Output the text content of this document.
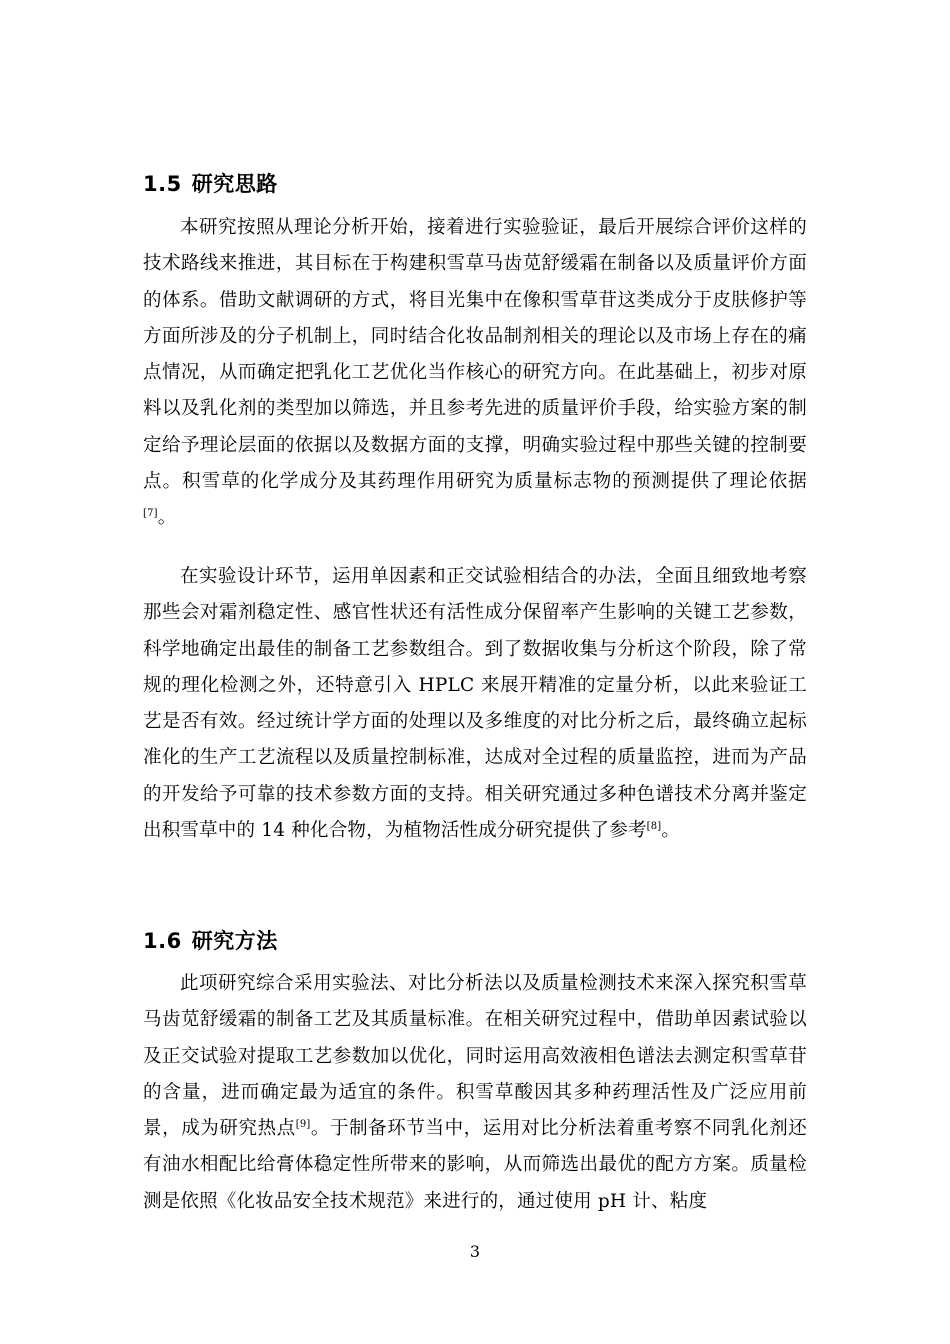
1.5 研究思路

本研究按照从理论分析开始，接着进行实验验证，最后开展综合评价这样的技术路线来推进，其目标在于构建积雪草马齿苋舒缓霜在制备以及质量评价方面的体系。借助文献调研的方式，将目光集中在像积雪草苷这类成分于皮肤修护等方面所涉及的分子机制上，同时结合化妆品制剂相关的理论以及市场上存在的痛点情况，从而确定把乳化工艺优化当作核心的研究方向。在此基础上，初步对原料以及乳化剂的类型加以筛选，并且参考先进的质量评价手段，给实验方案的制定给予理论层面的依据以及数据方面的支撑，明确实验过程中那些关键的控制要点。积雪草的化学成分及其药理作用研究为质量标志物的预测提供了理论依据[7]。

在实验设计环节，运用单因素和正交试验相结合的办法，全面且细致地考察那些会对霜剂稳定性、感官性状还有活性成分保留率产生影响的关键工艺参数，科学地确定出最佳的制备工艺参数组合。到了数据收集与分析这个阶段，除了常规的理化检测之外，还特意引入 HPLC 来展开精准的定量分析，以此来验证工艺是否有效。经过统计学方面的处理以及多维度的对比分析之后，最终确立起标准化的生产工艺流程以及质量控制标准，达成对全过程的质量监控，进而为产品的开发给予可靠的技术参数方面的支持。相关研究通过多种色谱技术分离并鉴定出积雪草中的 14 种化合物，为植物活性成分研究提供了参考[8]。

1.6 研究方法

此项研究综合采用实验法、对比分析法以及质量检测技术来深入探究积雪草马齿苋舒缓霜的制备工艺及其质量标准。在相关研究过程中，借助单因素试验以及正交试验对提取工艺参数加以优化，同时运用高效液相色谱法去测定积雪草苷的含量，进而确定最为适宜的条件。积雪草酸因其多种药理活性及广泛应用前景，成为研究热点[9]。于制备环节当中，运用对比分析法着重考察不同乳化剂还有油水相配比给膏体稳定性所带来的影响，从而筛选出最优的配方方案。质量检测是依照《化妆品安全技术规范》来进行的，通过使用 pH 计、粘度

3
